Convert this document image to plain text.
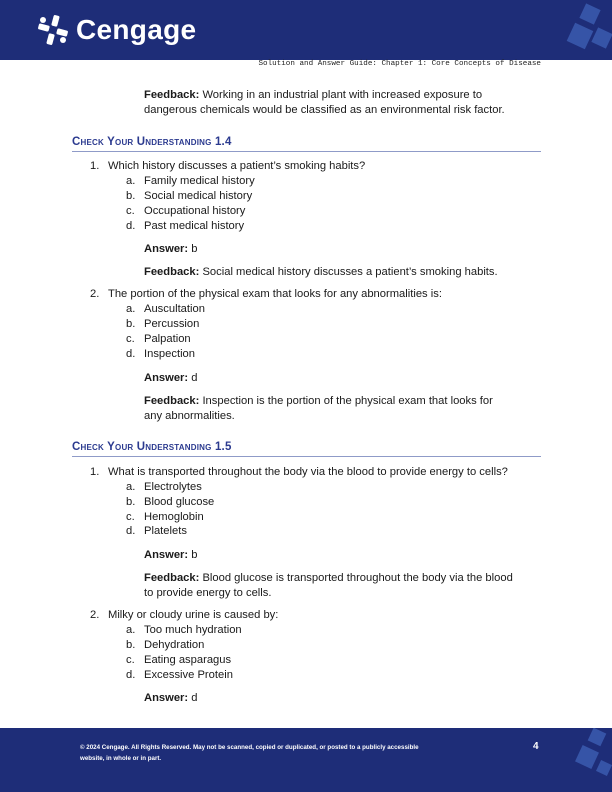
Cengage
Solution and Answer Guide: Chapter 1: Core Concepts of Disease
Feedback: Working in an industrial plant with increased exposure to
dangerous chemicals would be classified as an environmental risk factor.
Check Your Understanding 1.4
1. Which history discusses a patient’s smoking habits?
a. Family medical history
b. Social medical history
c. Occupational history
d. Past medical history
Answer: b
Feedback: Social medical history discusses a patient’s smoking habits.
2. The portion of the physical exam that looks for any abnormalities is:
a. Auscultation
b. Percussion
c. Palpation
d. Inspection
Answer: d
Feedback: Inspection is the portion of the physical exam that looks for
any abnormalities.
Check Your Understanding 1.5
1. What is transported throughout the body via the blood to provide energy to cells?
a. Electrolytes
b. Blood glucose
c. Hemoglobin
d. Platelets
Answer: b
Feedback: Blood glucose is transported throughout the body via the blood
to provide energy to cells.
2. Milky or cloudy urine is caused by:
a. Too much hydration
b. Dehydration
c. Eating asparagus
d. Excessive Protein
Answer: d
© 2024 Cengage. All Rights Reserved. May not be scanned, copied or duplicated, or posted to a publicly accessible
website, in whole or in part.
4
